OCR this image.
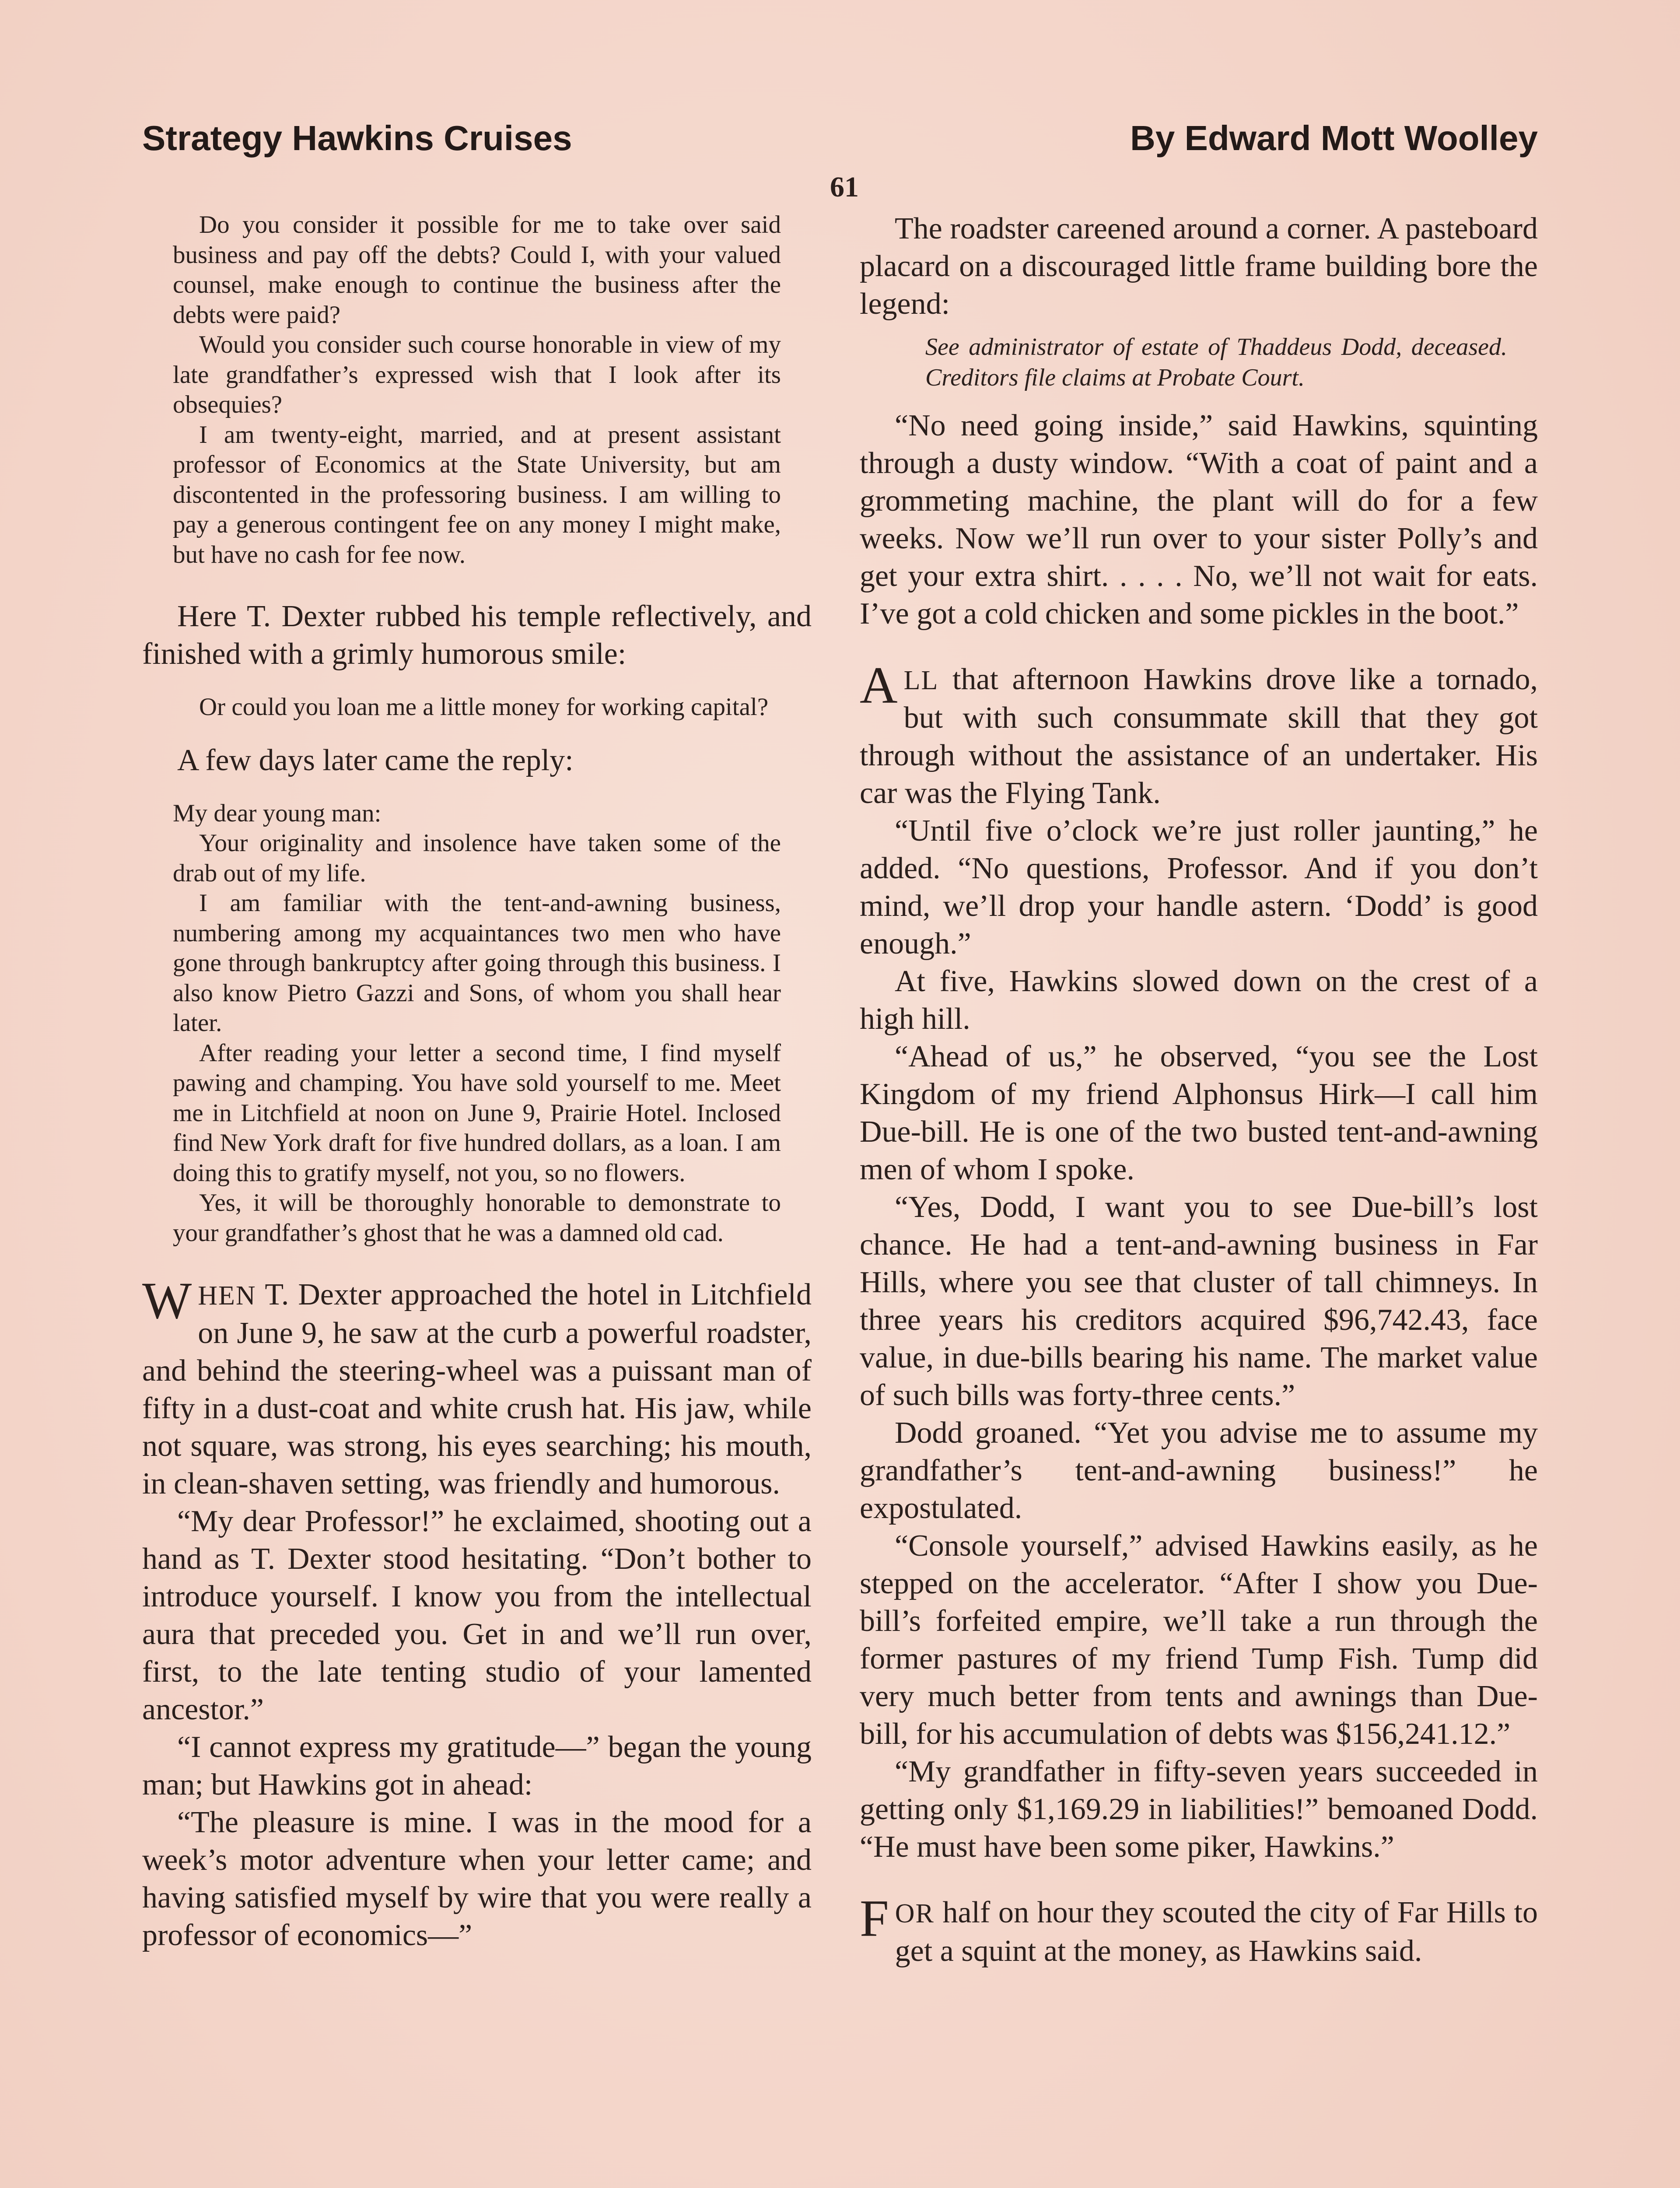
Strategy Hawkins Cruises	By Edward Mott Woolley
61

Do you consider it possible for me to take over said business and pay off the debts? Could I, with your valued counsel, make enough to continue the business after the debts were paid?

Would you consider such course honorable in view of my late grandfather’s expressed wish that I look after its obsequies?

I am twenty-eight, married, and at present assistant professor of Economics at the State University, but am discontented in the professoring business. I am willing to pay a generous contingent fee on any money I might make, but have no cash for fee now.

Here T. Dexter rubbed his temple reflectively, and finished with a grimly humorous smile:

Or could you loan me a little money for working capital?

A few days later came the reply:

My dear young man:

Your originality and insolence have taken some of the drab out of my life.

I am familiar with the tent-and-awning business, numbering among my acquaintances two men who have gone through bankruptcy after going through this business. I also know Pietro Gazzi and Sons, of whom you shall hear later.

After reading your letter a second time, I find myself pawing and champing. You have sold yourself to me. Meet me in Litchfield at noon on June 9, Prairie Hotel. Inclosed find New York draft for five hundred dollars, as a loan. I am doing this to gratify myself, not you, so no flowers.

Yes, it will be thoroughly honorable to demonstrate to your grandfather’s ghost that he was a damned old cad.

WHEN T. Dexter approached the hotel in Litchfield on June 9, he saw at the curb a powerful roadster, and behind the steering-wheel was a puissant man of fifty in a dust-coat and white crush hat. His jaw, while not square, was strong, his eyes searching; his mouth, in clean-shaven setting, was friendly and humorous.

“My dear Professor!” he exclaimed, shooting out a hand as T. Dexter stood hesitating. “Don’t bother to introduce yourself. I know you from the intellectual aura that preceded you. Get in and we’ll run over, first, to the late tenting studio of your lamented ancestor.”

“I cannot express my gratitude—” began the young man; but Hawkins got in ahead:

“The pleasure is mine. I was in the mood for a week’s motor adventure when your letter came; and having satisfied myself by wire that you were really a professor of economics—”

The roadster careened around a corner. A pasteboard placard on a discouraged little frame building bore the legend:

See administrator of estate of Thaddeus Dodd, deceased. Creditors file claims at Probate Court.

“No need going inside,” said Hawkins, squinting through a dusty window. “With a coat of paint and a grommeting machine, the plant will do for a few weeks. Now we’ll run over to your sister Polly’s and get your extra shirt. . . . . No, we’ll not wait for eats. I’ve got a cold chicken and some pickles in the boot.”

ALL that afternoon Hawkins drove like a tornado, but with such consummate skill that they got through without the assistance of an undertaker. His car was the Flying Tank.

“Until five o’clock we’re just roller jaunting,” he added. “No questions, Professor. And if you don’t mind, we’ll drop your handle astern. ‘Dodd’ is good enough.”

At five, Hawkins slowed down on the crest of a high hill.

“Ahead of us,” he observed, “you see the Lost Kingdom of my friend Alphonsus Hirk—I call him Due-bill. He is one of the two busted tent-and-awning men of whom I spoke.

“Yes, Dodd, I want you to see Due-bill’s lost chance. He had a tent-and-awning business in Far Hills, where you see that cluster of tall chimneys. In three years his creditors acquired $96,742.43, face value, in due-bills bearing his name. The market value of such bills was forty-three cents.”

Dodd groaned. “Yet you advise me to assume my grandfather’s tent-and-awning business!” he expostulated.

“Console yourself,” advised Hawkins easily, as he stepped on the accelerator. “After I show you Due-bill’s forfeited empire, we’ll take a run through the former pastures of my friend Tump Fish. Tump did very much better from tents and awnings than Due-bill, for his accumulation of debts was $156,241.12.”

“My grandfather in fifty-seven years succeeded in getting only $1,169.29 in liabilities!” bemoaned Dodd. “He must have been some piker, Hawkins.”

FOR half on hour they scouted the city of Far Hills to get a squint at the money, as Hawkins said.
